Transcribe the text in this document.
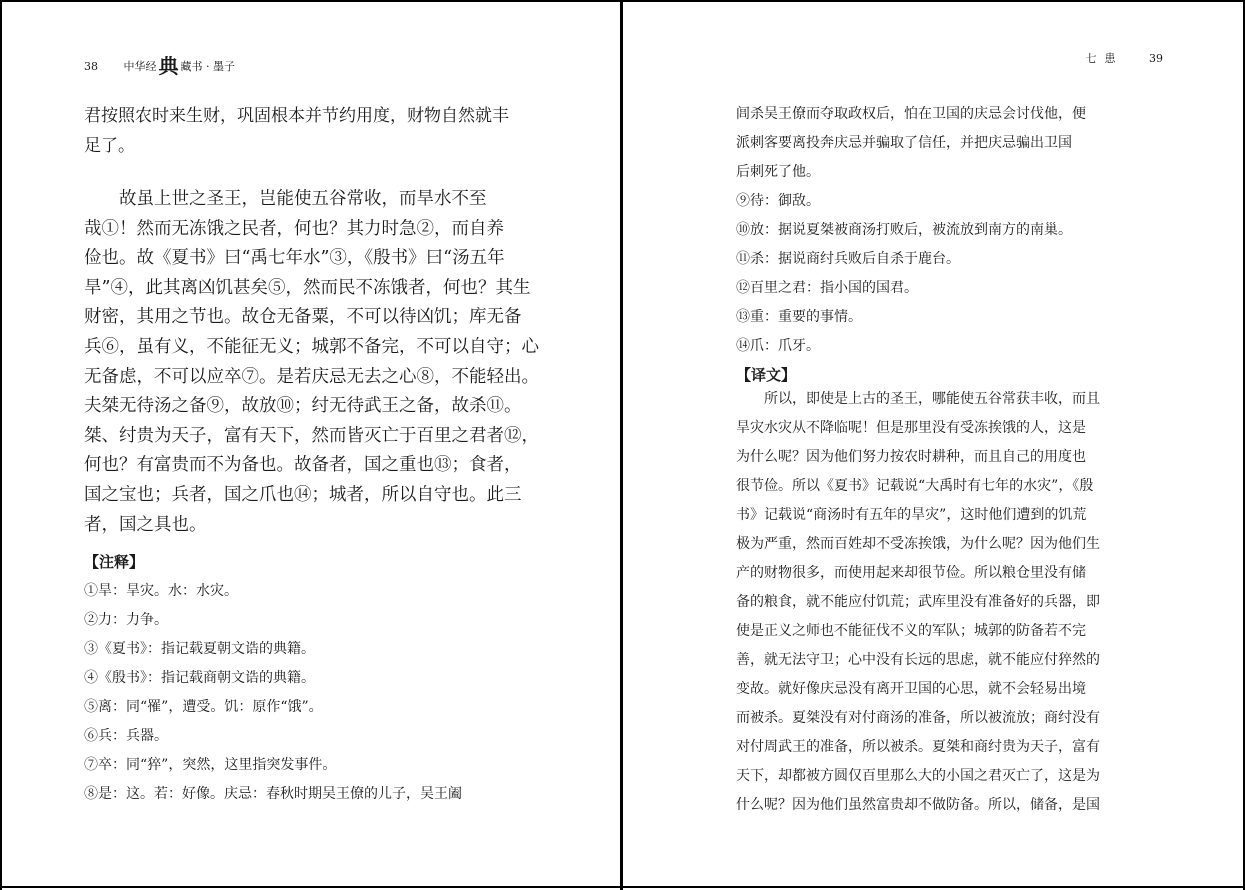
38 中华经 典 藏书 · 墨子
君按照农时来生财，巩固根本并节约用度，财物自然就丰
足了。
故虽上世之圣王，岂能使五谷常收，而旱水不至
哉①！然而无冻饿之民者，何也？其力时急②，而自养
俭也。故《夏书》曰“禹七年水”③，《殷书》曰“汤五年
旱”④，此其离凶饥甚矣⑤，然而民不冻饿者，何也？其生
财密，其用之节也。故仓无备粟，不可以待凶饥；库无备
兵⑥，虽有义，不能征无义；城郭不备完，不可以自守；心
无备虑，不可以应卒⑦。是若庆忌无去之心⑧，不能轻出。
夫桀无待汤之备⑨，故放⑩；纣无待武王之备，故杀⑪。
桀、纣贵为天子，富有天下，然而皆灭亡于百里之君者⑫，
何也？有富贵而不为备也。故备者，国之重也⑬；食者，
国之宝也；兵者，国之爪也⑭；城者，所以自守也。此三
者，国之具也。
【注释】
①旱：旱灾。水：水灾。
②力：力争。
③《夏书》：指记载夏朝文诰的典籍。
④《殷书》：指记载商朝文诰的典籍。
⑤离：同“罹”，遭受。饥：原作“饿”。
⑥兵：兵器。
⑦卒：同“猝”，突然，这里指突发事件。
⑧是：这。若：好像。庆忌：春秋时期吴王僚的儿子，吴王阖
七患 39
闾杀吴王僚而夺取政权后，怕在卫国的庆忌会讨伐他，便
派刺客要离投奔庆忌并骗取了信任，并把庆忌骗出卫国
后刺死了他。
⑨待：御敌。
⑩放：据说夏桀被商汤打败后，被流放到南方的南巢。
⑪杀：据说商纣兵败后自杀于鹿台。
⑫百里之君：指小国的国君。
⑬重：重要的事情。
⑭爪：爪牙。
【译文】
所以，即使是上古的圣王，哪能使五谷常获丰收，而且
旱灾水灾从不降临呢！但是那里没有受冻挨饿的人，这是
为什么呢？因为他们努力按农时耕种，而且自己的用度也
很节俭。所以《夏书》记载说“大禹时有七年的水灾”，《殷
书》记载说“商汤时有五年的旱灾”，这时他们遭到的饥荒
极为严重，然而百姓却不受冻挨饿，为什么呢？因为他们生
产的财物很多，而使用起来却很节俭。所以粮仓里没有储
备的粮食，就不能应付饥荒；武库里没有准备好的兵器，即
使是正义之师也不能征伐不义的军队；城郭的防备若不完
善，就无法守卫；心中没有长远的思虑，就不能应付猝然的
变故。就好像庆忌没有离开卫国的心思，就不会轻易出境
而被杀。夏桀没有对付商汤的准备，所以被流放；商纣没有
对付周武王的准备，所以被杀。夏桀和商纣贵为天子，富有
天下，却都被方圆仅百里那么大的小国之君灭亡了，这是为
什么呢？因为他们虽然富贵却不做防备。所以，储备，是国
